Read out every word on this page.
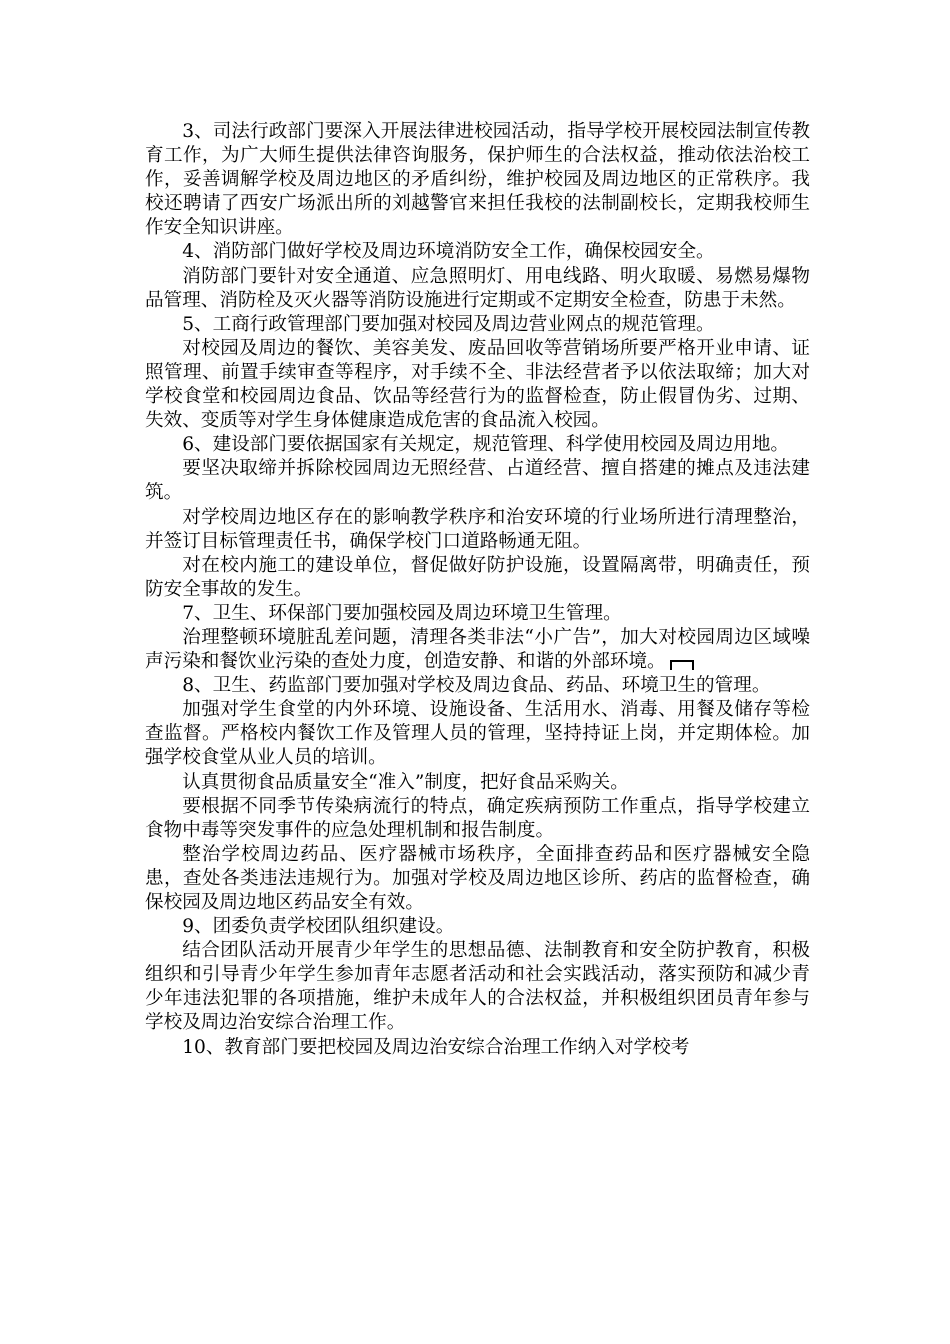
3、司法行政部门要深入开展法律进校园活动，指导学校开展校园法制宣传教育工作，为广大师生提供法律咨询服务，保护师生的合法权益，推动依法治校工作，妥善调解学校及周边地区的矛盾纠纷，维护校园及周边地区的正常秩序。我校还聘请了西安广场派出所的刘越警官来担任我校的法制副校长，定期我校师生作安全知识讲座。

4、消防部门做好学校及周边环境消防安全工作，确保校园安全。

消防部门要针对安全通道、应急照明灯、用电线路、明火取暖、易燃易爆物品管理、消防栓及灭火器等消防设施进行定期或不定期安全检查，防患于未然。

5、工商行政管理部门要加强对校园及周边营业网点的规范管理。

对校园及周边的餐饮、美容美发、废品回收等营销场所要严格开业申请、证照管理、前置手续审查等程序，对手续不全、非法经营者予以依法取缔；加大对学校食堂和校园周边食品、饮品等经营行为的监督检查，防止假冒伪劣、过期、失效、变质等对学生身体健康造成危害的食品流入校园。

6、建设部门要依据国家有关规定，规范管理、科学使用校园及周边用地。

要坚决取缔并拆除校园周边无照经营、占道经营、擅自搭建的摊点及违法建筑。

对学校周边地区存在的影响教学秩序和治安环境的行业场所进行清理整治，并签订目标管理责任书，确保学校门口道路畅通无阻。

对在校内施工的建设单位，督促做好防护设施，设置隔离带，明确责任，预防安全事故的发生。

7、卫生、环保部门要加强校园及周边环境卫生管理。

治理整顿环境脏乱差问题，清理各类非法“小广告”，加大对校园周边区域噪声污染和餐饮业污染的查处力度，创造安静、和谐的外部环境。

8、卫生、药监部门要加强对学校及周边食品、药品、环境卫生的管理。

加强对学生食堂的内外环境、设施设备、生活用水、消毒、用餐及储存等检查监督。严格校内餐饮工作及管理人员的管理，坚持持证上岗，并定期体检。加强学校食堂从业人员的培训。

认真贯彻食品质量安全“准入”制度，把好食品采购关。

要根据不同季节传染病流行的特点，确定疾病预防工作重点，指导学校建立食物中毒等突发事件的应急处理机制和报告制度。

整治学校周边药品、医疗器械市场秩序，全面排查药品和医疗器械安全隐患，查处各类违法违规行为。加强对学校及周边地区诊所、药店的监督检查，确保校园及周边地区药品安全有效。

9、团委负责学校团队组织建设。

结合团队活动开展青少年学生的思想品德、法制教育和安全防护教育，积极组织和引导青少年学生参加青年志愿者活动和社会实践活动，落实预防和减少青少年违法犯罪的各项措施，维护未成年人的合法权益，并积极组织团员青年参与学校及周边治安综合治理工作。

10、教育部门要把校园及周边治安综合治理工作纳入对学校考
